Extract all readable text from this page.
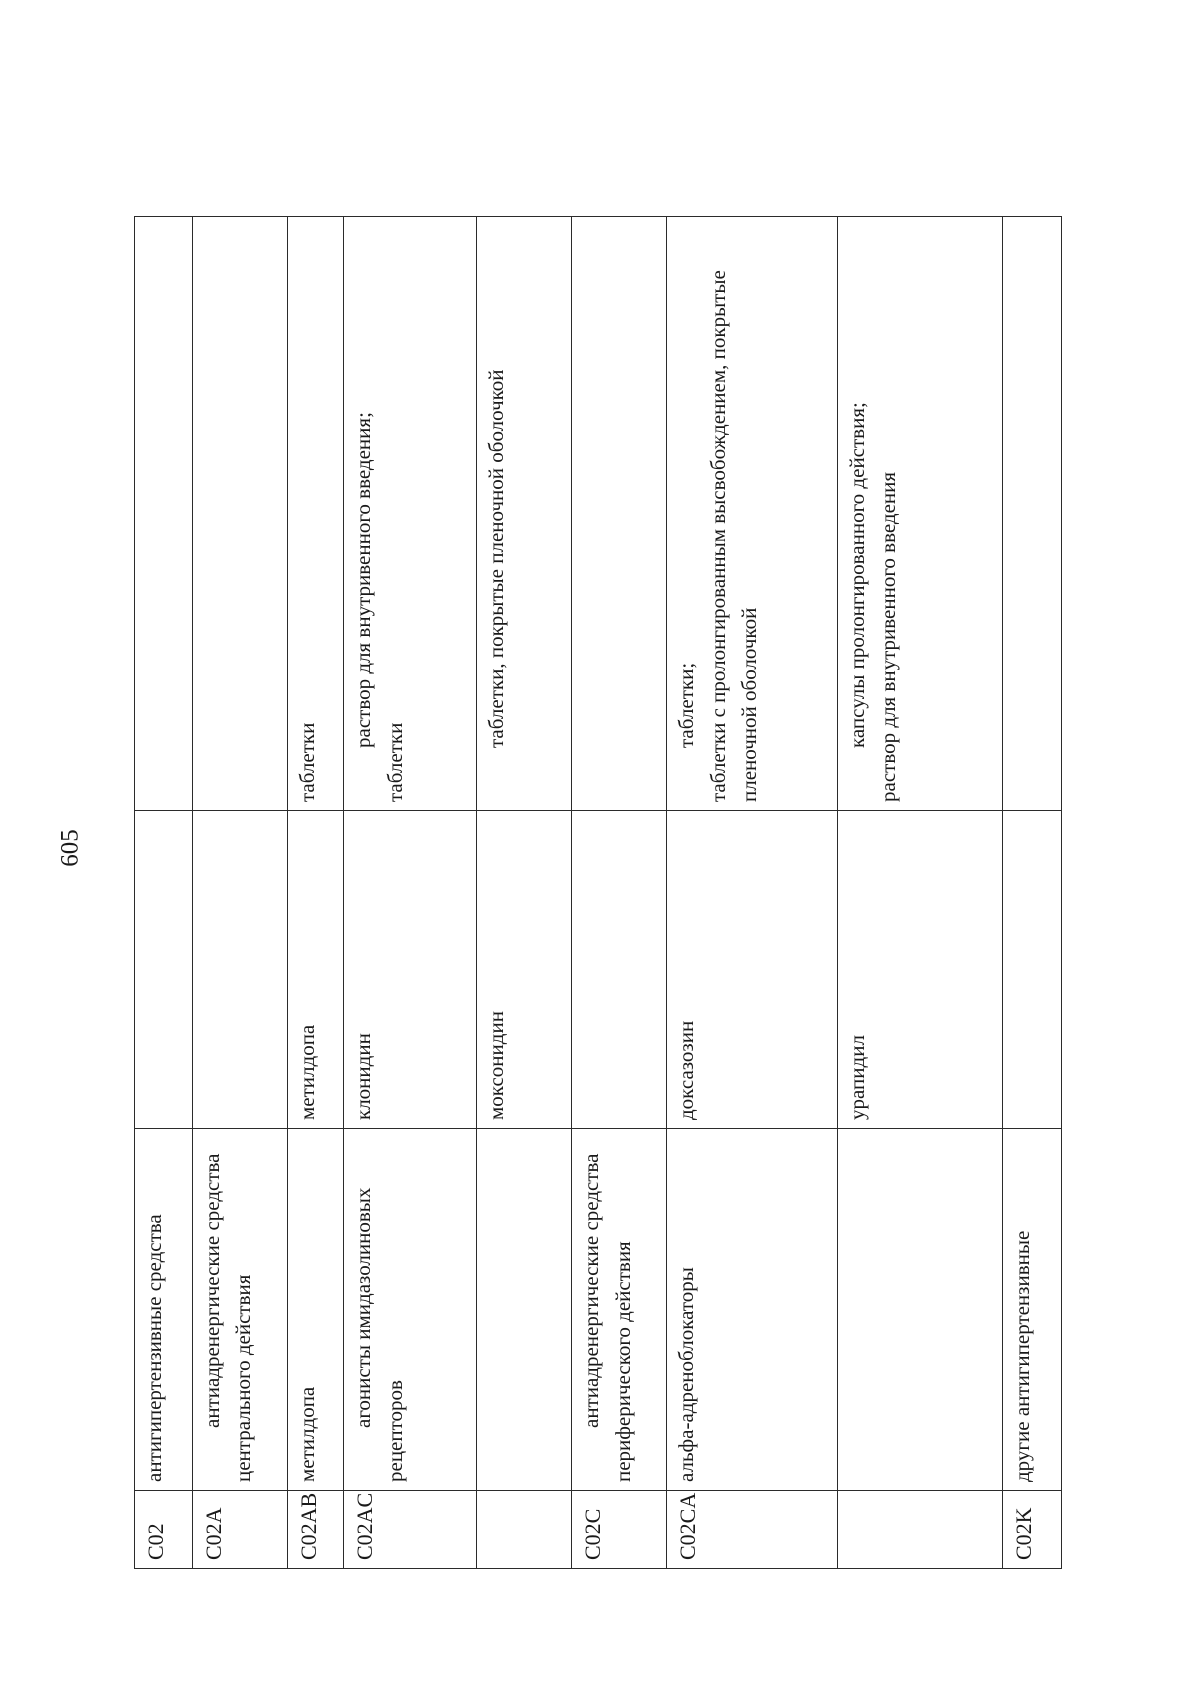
605
C02	антигипертензивные средства		
C02A	антиадренергические средства центрального действия		
C02AB	метилдопа	метилдопа	таблетки
C02AC	агонисты имидазолиновых рецепторов	клонидин	раствор для внутривенного введения;
таблетки
		моксонидин	таблетки, покрытые пленочной оболочкой
C02C	антиадренергические средства периферического действия		
C02CA	альфа-адреноблокаторы	доксазозин	таблетки;
таблетки с пролонгированным высвобождением, покрытые пленочной оболочкой
		урапидил	капсулы пролонгированного действия;
раствор для внутривенного введения
C02K	другие антигипертензивные		
